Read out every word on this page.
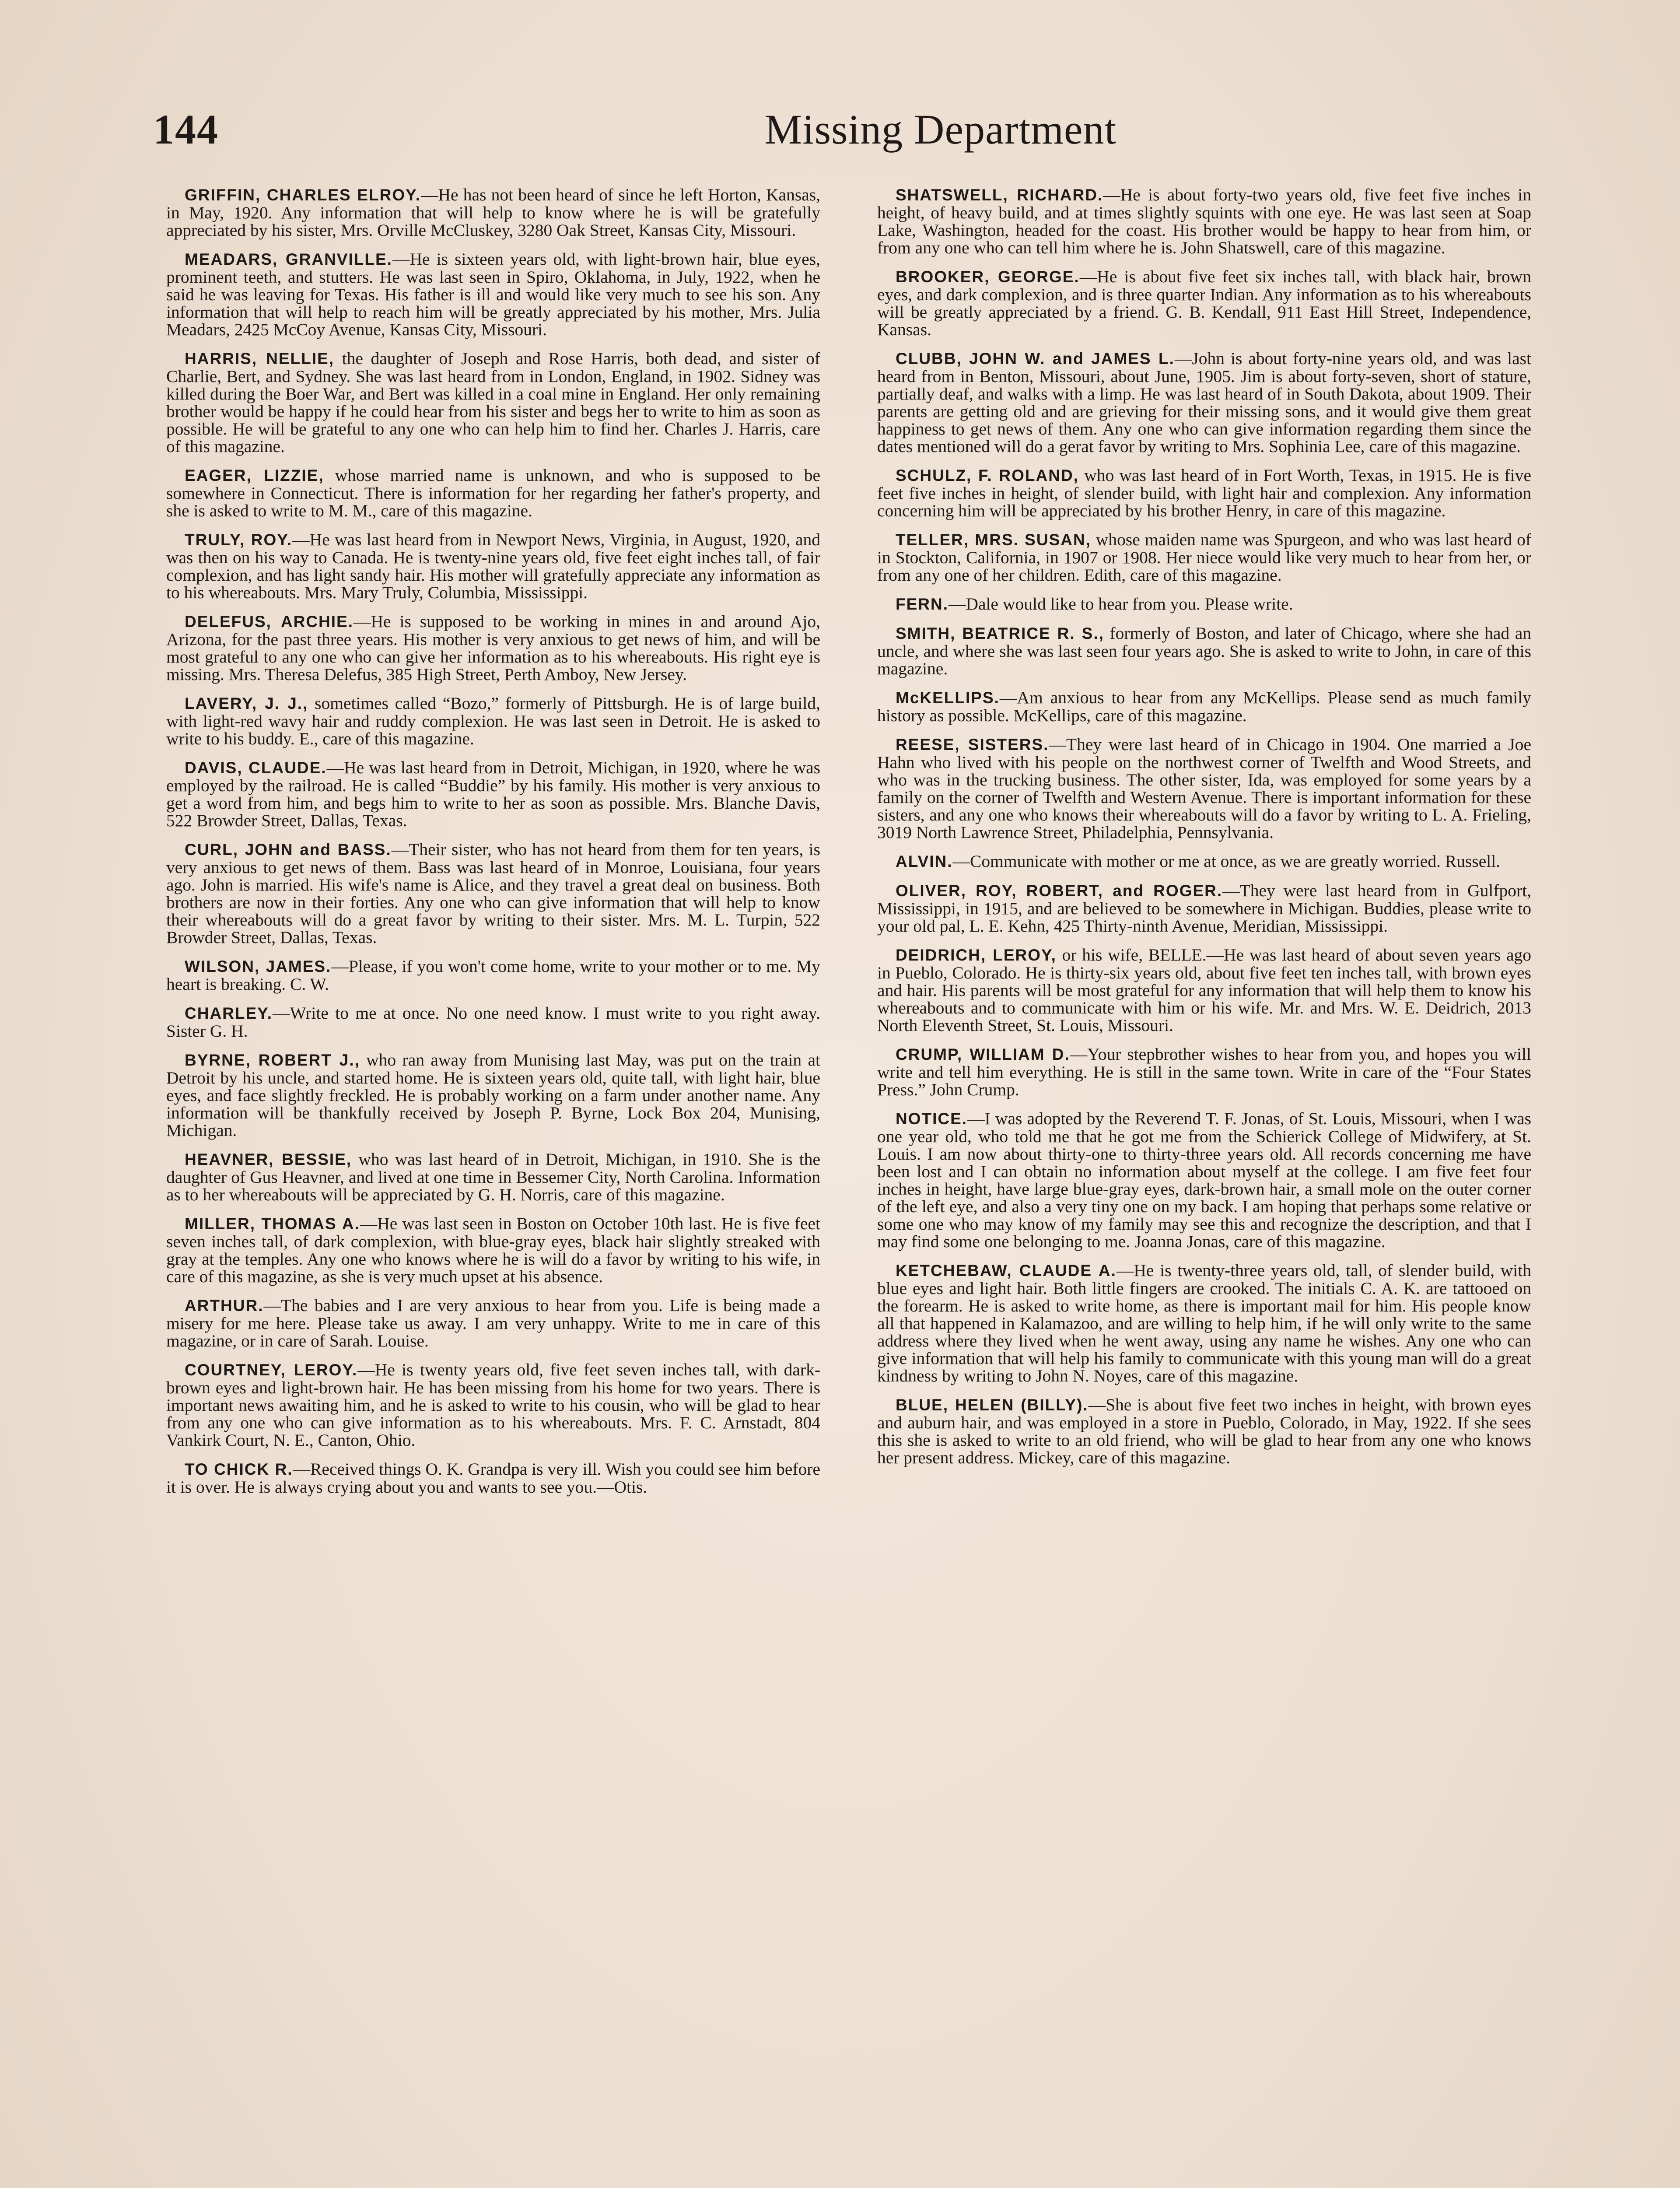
144	Missing Department

GRIFFIN, CHARLES ELROY.—He has not been heard of since he left Horton, Kansas, in May, 1920. Any information that will help to know where he is will be gratefully appreciated by his sister, Mrs. Orville McCluskey, 3280 Oak Street, Kansas City, Missouri.

MEADARS, GRANVILLE.—He is sixteen years old, with light-brown hair, blue eyes, prominent teeth, and stutters. He was last seen in Spiro, Oklahoma, in July, 1922, when he said he was leaving for Texas. His father is ill and would like very much to see his son. Any information that will help to reach him will be greatly appreciated by his mother, Mrs. Julia Meadars, 2425 McCoy Avenue, Kansas City, Missouri.

HARRIS, NELLIE, the daughter of Joseph and Rose Harris, both dead, and sister of Charlie, Bert, and Sydney. She was last heard from in London, England, in 1902. Sidney was killed during the Boer War, and Bert was killed in a coal mine in England. Her only remaining brother would be happy if he could hear from his sister and begs her to write to him as soon as possible. He will be grateful to any one who can help him to find her. Charles J. Harris, care of this magazine.

EAGER, LIZZIE, whose married name is unknown, and who is supposed to be somewhere in Connecticut. There is information for her regarding her father's property, and she is asked to write to M. M., care of this magazine.

TRULY, ROY.—He was last heard from in Newport News, Virginia, in August, 1920, and was then on his way to Canada. He is twenty-nine years old, five feet eight inches tall, of fair complexion, and has light sandy hair. His mother will gratefully appreciate any information as to his whereabouts. Mrs. Mary Truly, Columbia, Mississippi.

DELEFUS, ARCHIE.—He is supposed to be working in mines in and around Ajo, Arizona, for the past three years. His mother is very anxious to get news of him, and will be most grateful to any one who can give her information as to his whereabouts. His right eye is missing. Mrs. Theresa Delefus, 385 High Street, Perth Amboy, New Jersey.

LAVERY, J. J., sometimes called “Bozo,” formerly of Pittsburgh. He is of large build, with light-red wavy hair and ruddy complexion. He was last seen in Detroit. He is asked to write to his buddy. E., care of this magazine.

DAVIS, CLAUDE.—He was last heard from in Detroit, Michigan, in 1920, where he was employed by the railroad. He is called “Buddie” by his family. His mother is very anxious to get a word from him, and begs him to write to her as soon as possible. Mrs. Blanche Davis, 522 Browder Street, Dallas, Texas.

CURL, JOHN and BASS.—Their sister, who has not heard from them for ten years, is very anxious to get news of them. Bass was last heard of in Monroe, Louisiana, four years ago. John is married. His wife's name is Alice, and they travel a great deal on business. Both brothers are now in their forties. Any one who can give information that will help to know their whereabouts will do a great favor by writing to their sister. Mrs. M. L. Turpin, 522 Browder Street, Dallas, Texas.

WILSON, JAMES.—Please, if you won't come home, write to your mother or to me. My heart is breaking. C. W.

CHARLEY.—Write to me at once. No one need know. I must write to you right away. Sister G. H.

BYRNE, ROBERT J., who ran away from Munising last May, was put on the train at Detroit by his uncle, and started home. He is sixteen years old, quite tall, with light hair, blue eyes, and face slightly freckled. He is probably working on a farm under another name. Any information will be thankfully received by Joseph P. Byrne, Lock Box 204, Munising, Michigan.

HEAVNER, BESSIE, who was last heard of in Detroit, Michigan, in 1910. She is the daughter of Gus Heavner, and lived at one time in Bessemer City, North Carolina. Information as to her whereabouts will be appreciated by G. H. Norris, care of this magazine.

MILLER, THOMAS A.—He was last seen in Boston on October 10th last. He is five feet seven inches tall, of dark complexion, with blue-gray eyes, black hair slightly streaked with gray at the temples. Any one who knows where he is will do a favor by writing to his wife, in care of this magazine, as she is very much upset at his absence.

ARTHUR.—The babies and I are very anxious to hear from you. Life is being made a misery for me here. Please take us away. I am very unhappy. Write to me in care of this magazine, or in care of Sarah. Louise.

COURTNEY, LEROY.—He is twenty years old, five feet seven inches tall, with dark-brown eyes and light-brown hair. He has been missing from his home for two years. There is important news awaiting him, and he is asked to write to his cousin, who will be glad to hear from any one who can give information as to his whereabouts. Mrs. F. C. Arnstadt, 804 Vankirk Court, N. E., Canton, Ohio.

TO CHICK R.—Received things O. K. Grandpa is very ill. Wish you could see him before it is over. He is always crying about you and wants to see you.—Otis.

SHATSWELL, RICHARD.—He is about forty-two years old, five feet five inches in height, of heavy build, and at times slightly squints with one eye. He was last seen at Soap Lake, Washington, headed for the coast. His brother would be happy to hear from him, or from any one who can tell him where he is. John Shatswell, care of this magazine.

BROOKER, GEORGE.—He is about five feet six inches tall, with black hair, brown eyes, and dark complexion, and is three quarter Indian. Any information as to his whereabouts will be greatly appreciated by a friend. G. B. Kendall, 911 East Hill Street, Independence, Kansas.

CLUBB, JOHN W. and JAMES L.—John is about forty-nine years old, and was last heard from in Benton, Missouri, about June, 1905. Jim is about forty-seven, short of stature, partially deaf, and walks with a limp. He was last heard of in South Dakota, about 1909. Their parents are getting old and are grieving for their missing sons, and it would give them great happiness to get news of them. Any one who can give information regarding them since the dates mentioned will do a gerat favor by writing to Mrs. Sophinia Lee, care of this magazine.

SCHULZ, F. ROLAND, who was last heard of in Fort Worth, Texas, in 1915. He is five feet five inches in height, of slender build, with light hair and complexion. Any information concerning him will be appreciated by his brother Henry, in care of this magazine.

TELLER, MRS. SUSAN, whose maiden name was Spurgeon, and who was last heard of in Stockton, California, in 1907 or 1908. Her niece would like very much to hear from her, or from any one of her children. Edith, care of this magazine.

FERN.—Dale would like to hear from you. Please write.

SMITH, BEATRICE R. S., formerly of Boston, and later of Chicago, where she had an uncle, and where she was last seen four years ago. She is asked to write to John, in care of this magazine.

McKELLIPS.—Am anxious to hear from any McKellips. Please send as much family history as possible. McKellips, care of this magazine.

REESE, SISTERS.—They were last heard of in Chicago in 1904. One married a Joe Hahn who lived with his people on the northwest corner of Twelfth and Wood Streets, and who was in the trucking business. The other sister, Ida, was employed for some years by a family on the corner of Twelfth and Western Avenue. There is important information for these sisters, and any one who knows their whereabouts will do a favor by writing to L. A. Frieling, 3019 North Lawrence Street, Philadelphia, Pennsylvania.

ALVIN.—Communicate with mother or me at once, as we are greatly worried. Russell.

OLIVER, ROY, ROBERT, and ROGER.—They were last heard from in Gulfport, Mississippi, in 1915, and are believed to be somewhere in Michigan. Buddies, please write to your old pal, L. E. Kehn, 425 Thirty-ninth Avenue, Meridian, Mississippi.

DEIDRICH, LEROY, or his wife, BELLE.—He was last heard of about seven years ago in Pueblo, Colorado. He is thirty-six years old, about five feet ten inches tall, with brown eyes and hair. His parents will be most grateful for any information that will help them to know his whereabouts and to communicate with him or his wife. Mr. and Mrs. W. E. Deidrich, 2013 North Eleventh Street, St. Louis, Missouri.

CRUMP, WILLIAM D.—Your stepbrother wishes to hear from you, and hopes you will write and tell him everything. He is still in the same town. Write in care of the “Four States Press.” John Crump.

NOTICE.—I was adopted by the Reverend T. F. Jonas, of St. Louis, Missouri, when I was one year old, who told me that he got me from the Schierick College of Midwifery, at St. Louis. I am now about thirty-one to thirty-three years old. All records concerning me have been lost and I can obtain no information about myself at the college. I am five feet four inches in height, have large blue-gray eyes, dark-brown hair, a small mole on the outer corner of the left eye, and also a very tiny one on my back. I am hoping that perhaps some relative or some one who may know of my family may see this and recognize the description, and that I may find some one belonging to me. Joanna Jonas, care of this magazine.

KETCHEBAW, CLAUDE A.—He is twenty-three years old, tall, of slender build, with blue eyes and light hair. Both little fingers are crooked. The initials C. A. K. are tattooed on the forearm. He is asked to write home, as there is important mail for him. His people know all that happened in Kalamazoo, and are willing to help him, if he will only write to the same address where they lived when he went away, using any name he wishes. Any one who can give information that will help his family to communicate with this young man will do a great kindness by writing to John N. Noyes, care of this magazine.

BLUE, HELEN (BILLY).—She is about five feet two inches in height, with brown eyes and auburn hair, and was employed in a store in Pueblo, Colorado, in May, 1922. If she sees this she is asked to write to an old friend, who will be glad to hear from any one who knows her present address. Mickey, care of this magazine.
